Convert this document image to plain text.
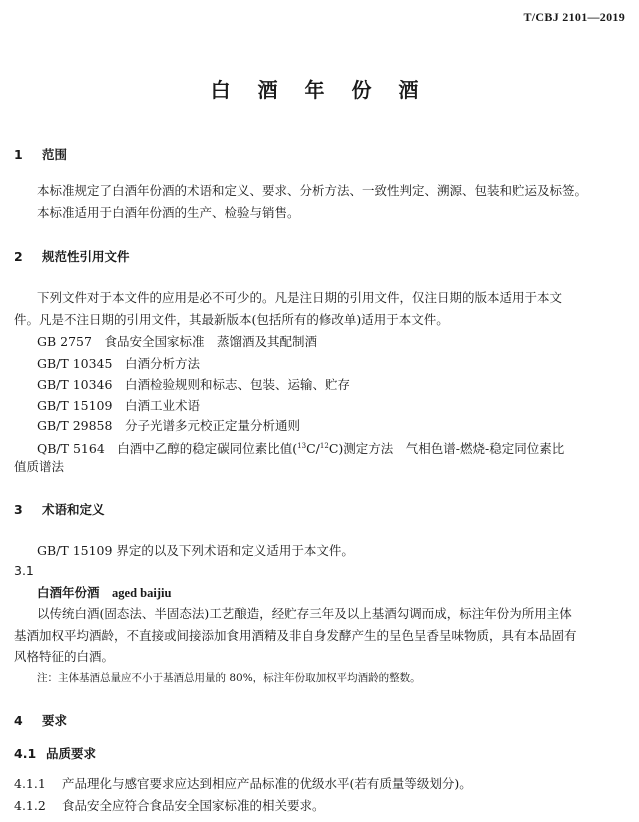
T/CBJ 2101—2019
白 酒 年 份 酒
1 范围
本标准规定了白酒年份酒的术语和定义、要求、分析方法、一致性判定、溯源、包装和贮运及标签。
本标准适用于白酒年份酒的生产、检验与销售。
2 规范性引用文件
下列文件对于本文件的应用是必不可少的。凡是注日期的引用文件，仅注日期的版本适用于本文
件。凡是不注日期的引用文件，其最新版本(包括所有的修改单)适用于本文件。
GB 2757　 食品安全国家标准　蒸馏酒及其配制酒
GB/T 10345　 白酒分析方法
GB/T 10346　 白酒检验规则和标志、包装、运输、贮存
GB/T 15109　 白酒工业术语
GB/T 29858　 分子光谱多元校正定量分析通则
QB/T 5164　 白酒中乙醇的稳定碳同位素比值($^{13}$C/$^{12}$C)测定方法　气相色谱-燃烧-稳定同位素比
值质谱法
3 术语和定义
GB/T 15109 界定的以及下列术语和定义适用于本文件。
3.1
白酒年份酒　 aged baijiu
以传统白酒(固态法、半固态法)工艺酿造，经贮存三年及以上基酒勾调而成，标注年份为所用主体
基酒加权平均酒龄，不直接或间接添加食用酒精及非自身发酵产生的呈色呈香呈味物质，具有本品固有
风格特征的白酒。
注：主体基酒总量应不小于基酒总用量的 80%，标注年份取加权平均酒龄的整数。
4 要求
4.1 品质要求
4.1.1 产品理化与感官要求应达到相应产品标准的优级水平(若有质量等级划分)。
4.1.2 食品安全应符合食品安全国家标准的相关要求。
